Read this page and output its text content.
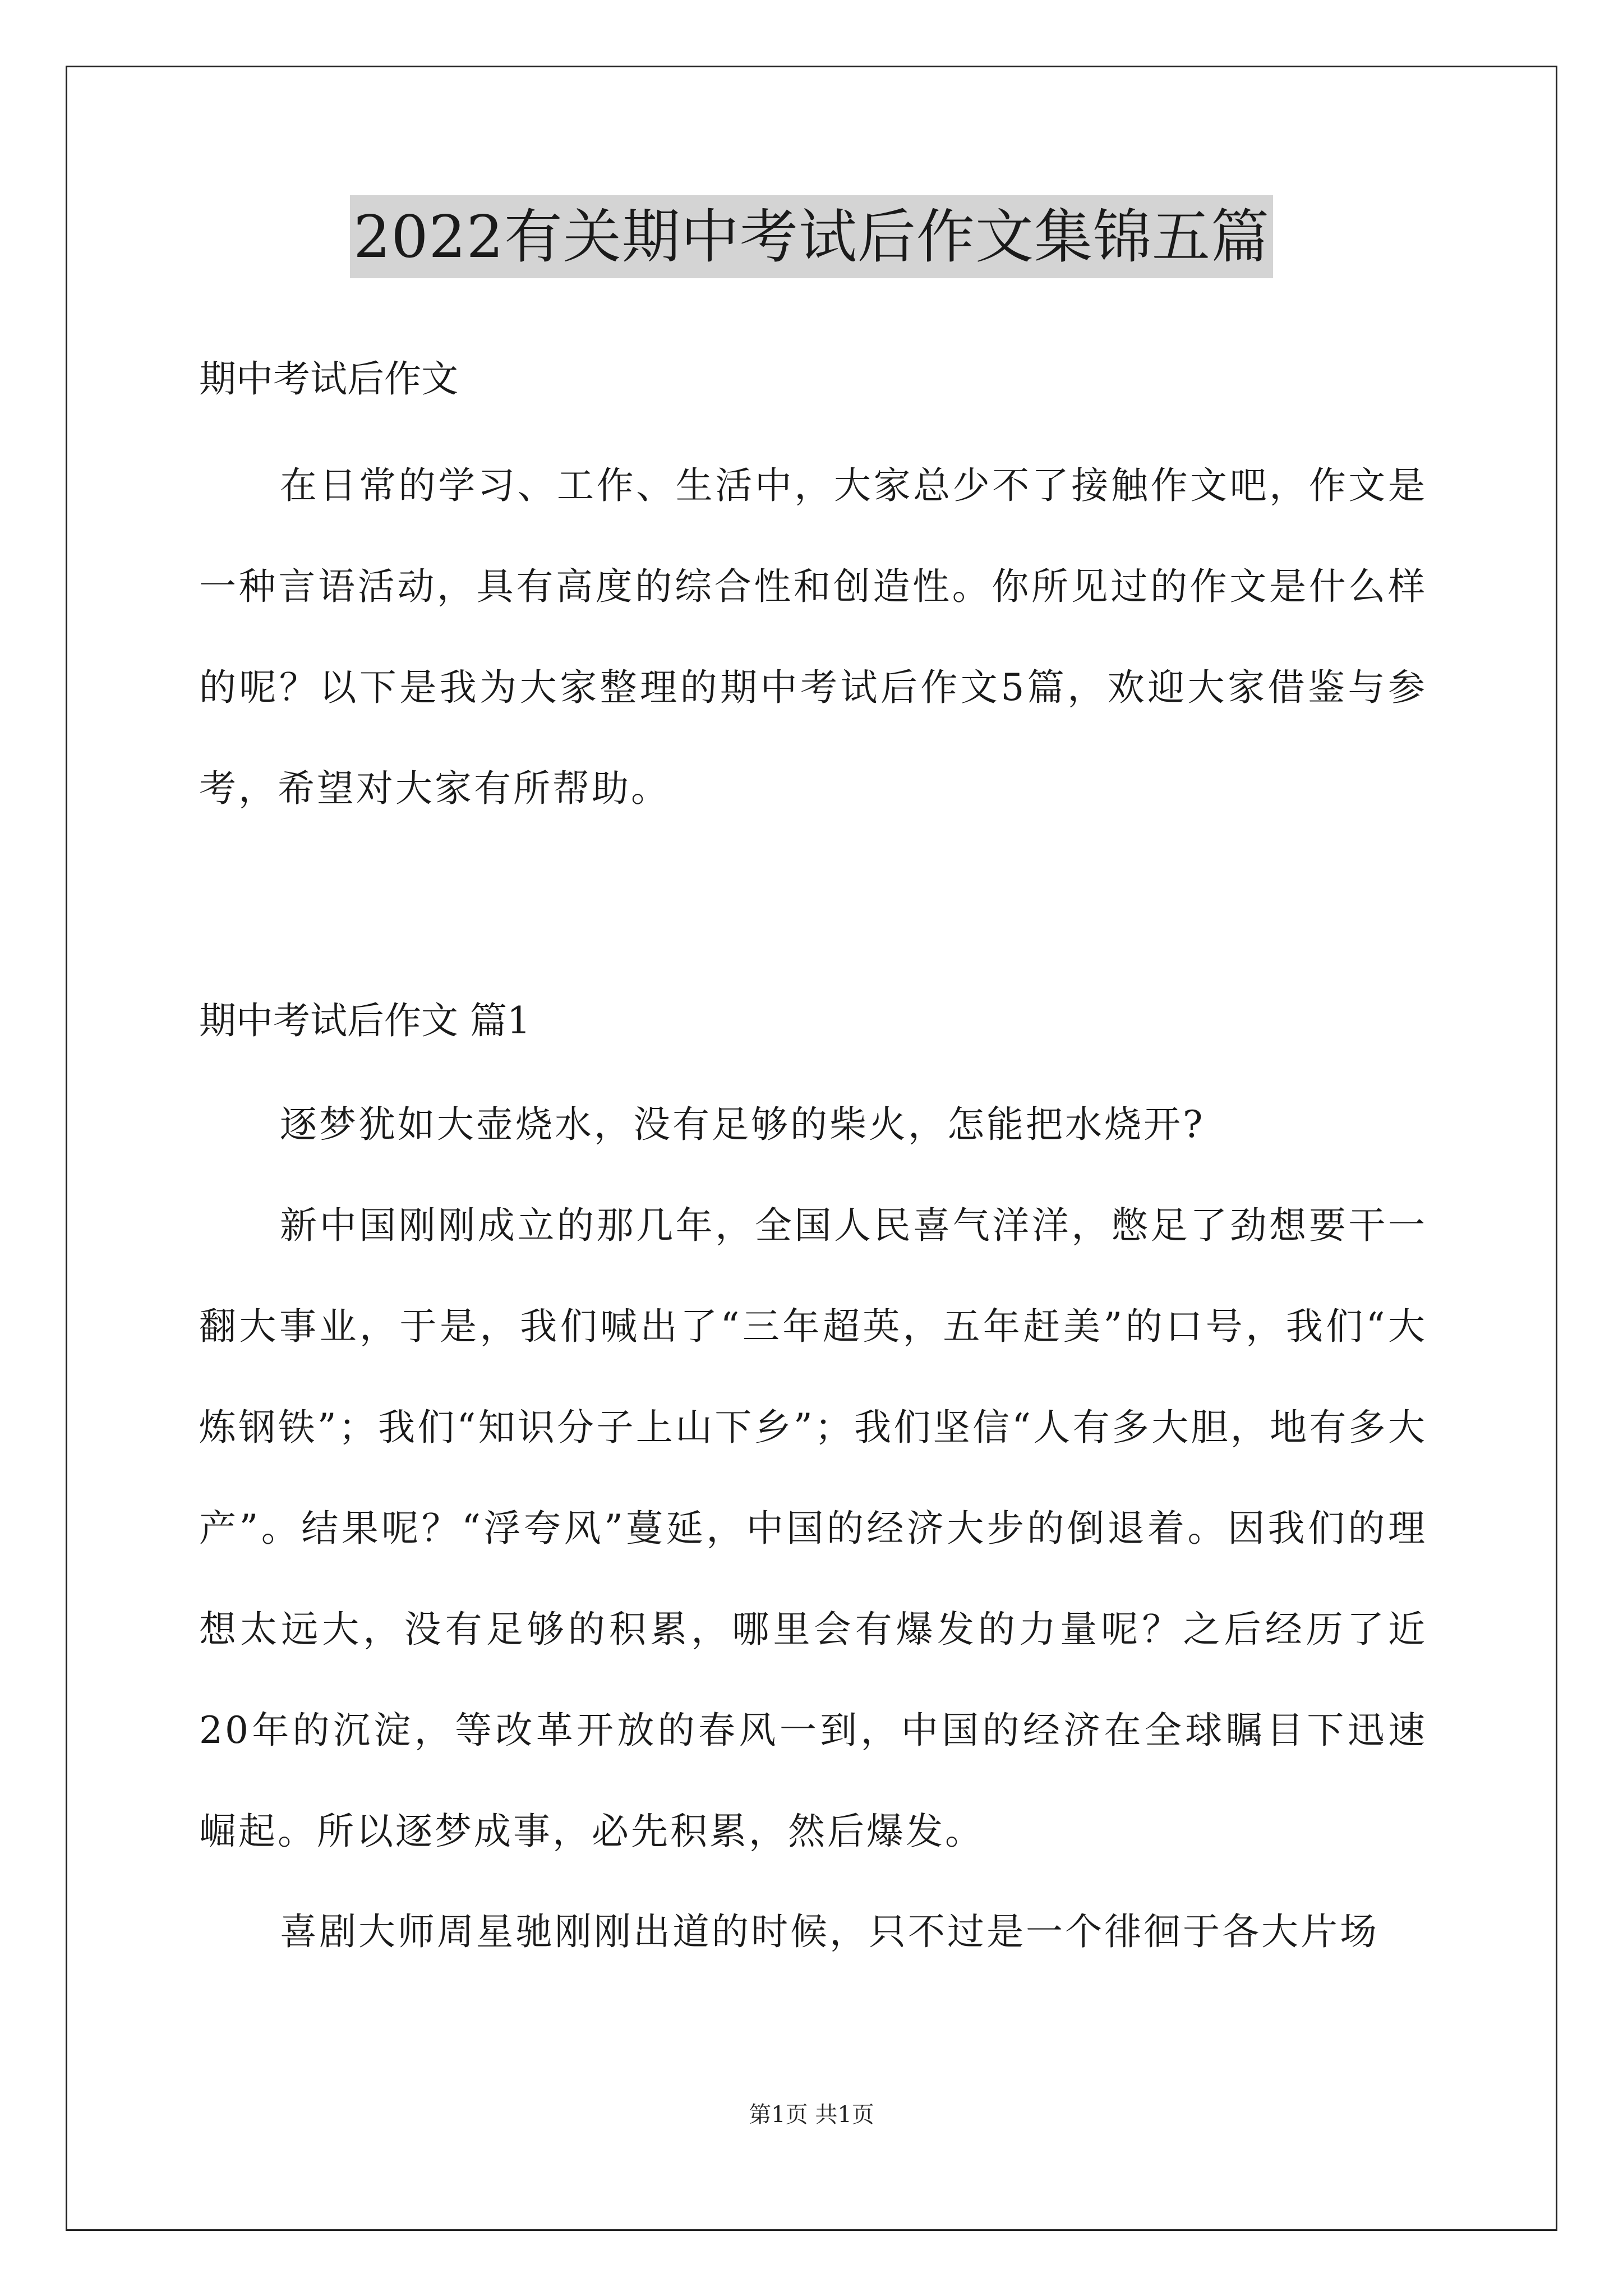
2022有关期中考试后作文集锦五篇
期中考试后作文
在日常的学习、工作、生活中，大家总少不了接触作文吧，作文是一种言语活动，具有高度的综合性和创造性。你所见过的作文是什么样的呢？以下是我为大家整理的期中考试后作文5篇，欢迎大家借鉴与参考，希望对大家有所帮助。
期中考试后作文 篇1
逐梦犹如大壶烧水，没有足够的柴火，怎能把水烧开?
新中国刚刚成立的那几年，全国人民喜气洋洋，憋足了劲想要干一翻大事业，于是，我们喊出了“三年超英，五年赶美”的口号，我们“大炼钢铁”；我们“知识分子上山下乡”；我们坚信“人有多大胆，地有多大产”。结果呢？“浮夸风”蔓延，中国的经济大步的倒退着。因我们的理想太远大，没有足够的积累，哪里会有爆发的力量呢？之后经历了近20年的沉淀，等改革开放的春风一到，中国的经济在全球瞩目下迅速崛起。所以逐梦成事，必先积累，然后爆发。
喜剧大师周星驰刚刚出道的时候，只不过是一个徘徊于各大片场
第1页 共1页
